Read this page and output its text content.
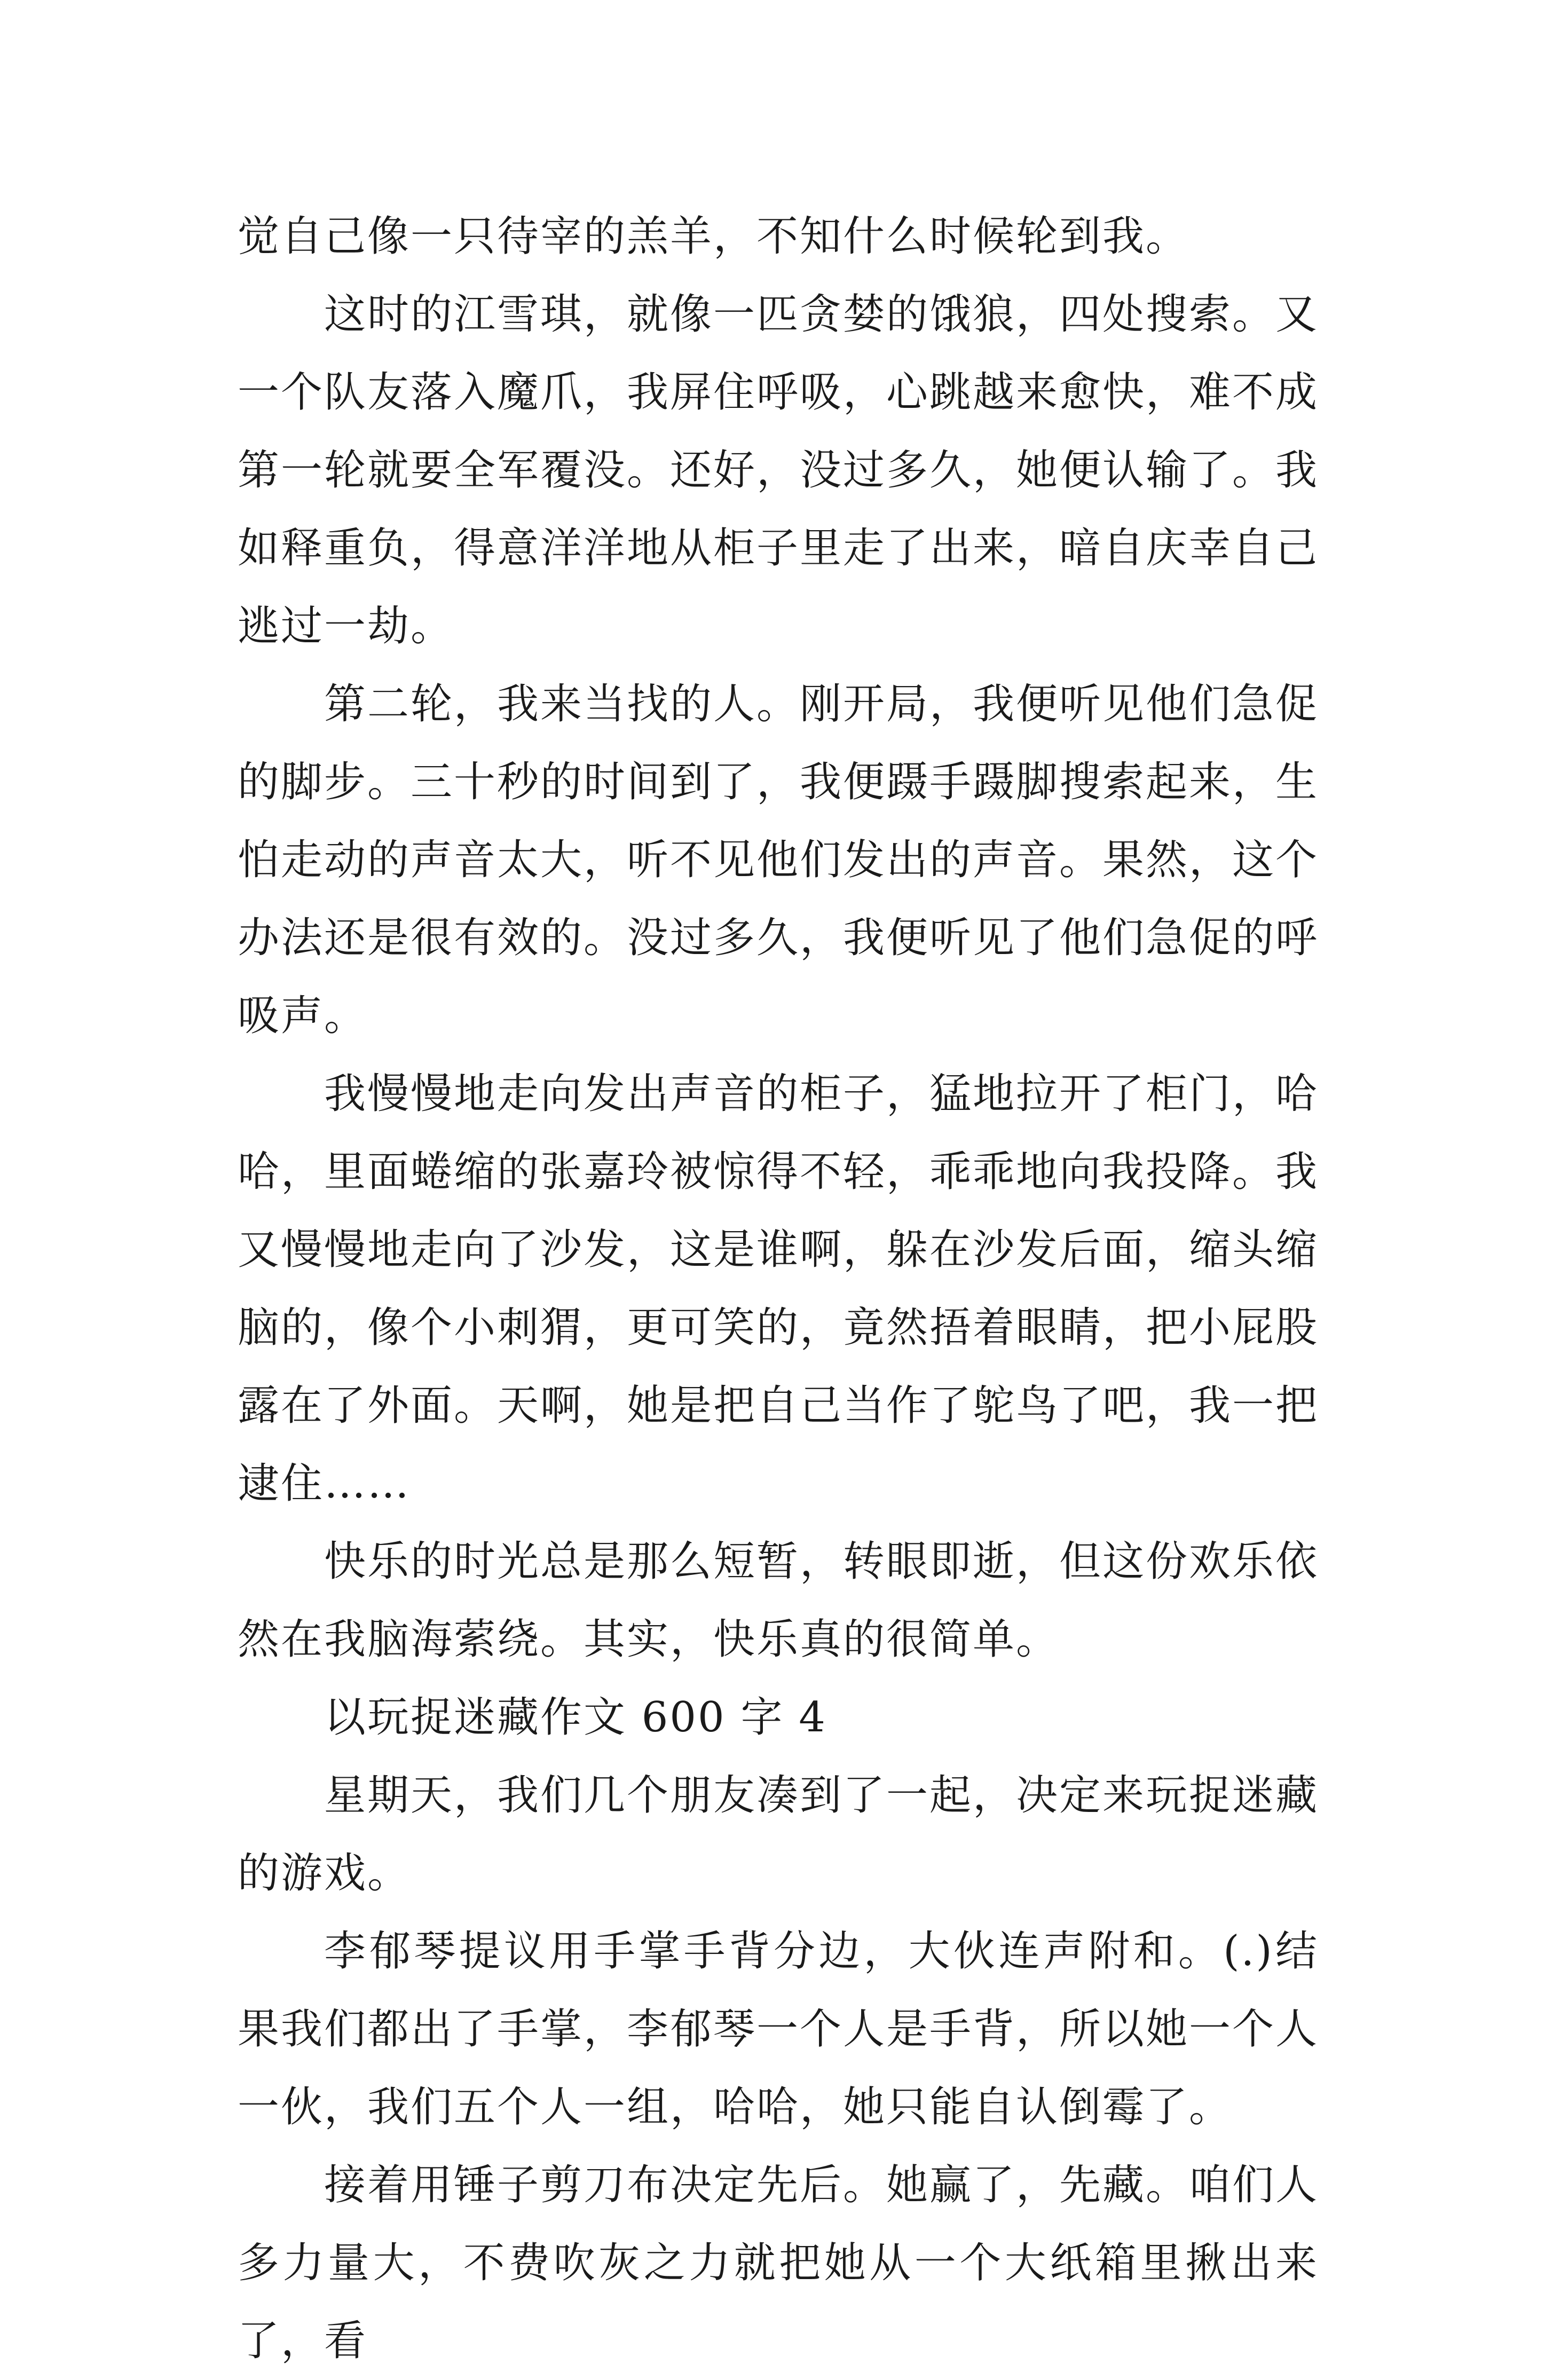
觉自己像一只待宰的羔羊，不知什么时候轮到我。

这时的江雪琪，就像一匹贪婪的饿狼，四处搜索。又一个队友落入魔爪，我屏住呼吸，心跳越来愈快，难不成第一轮就要全军覆没。还好，没过多久，她便认输了。我如释重负，得意洋洋地从柜子里走了出来，暗自庆幸自己逃过一劫。

第二轮，我来当找的人。刚开局，我便听见他们急促的脚步。三十秒的时间到了，我便蹑手蹑脚搜索起来，生怕走动的声音太大，听不见他们发出的声音。果然，这个办法还是很有效的。没过多久，我便听见了他们急促的呼吸声。

我慢慢地走向发出声音的柜子，猛地拉开了柜门，哈哈，里面蜷缩的张嘉玲被惊得不轻，乖乖地向我投降。我又慢慢地走向了沙发，这是谁啊，躲在沙发后面，缩头缩脑的，像个小刺猬，更可笑的，竟然捂着眼睛，把小屁股露在了外面。天啊，她是把自己当作了鸵鸟了吧，我一把逮住……

快乐的时光总是那么短暂，转眼即逝，但这份欢乐依然在我脑海萦绕。其实，快乐真的很简单。

以玩捉迷藏作文 600 字 4

星期天，我们几个朋友凑到了一起，决定来玩捉迷藏的游戏。

李郁琴提议用手掌手背分边，大伙连声附和。(.)结果我们都出了手掌，李郁琴一个人是手背，所以她一个人一伙，我们五个人一组，哈哈，她只能自认倒霉了。

接着用锤子剪刀布决定先后。她赢了，先藏。咱们人多力量大，不费吹灰之力就把她从一个大纸箱里揪出来了，看
